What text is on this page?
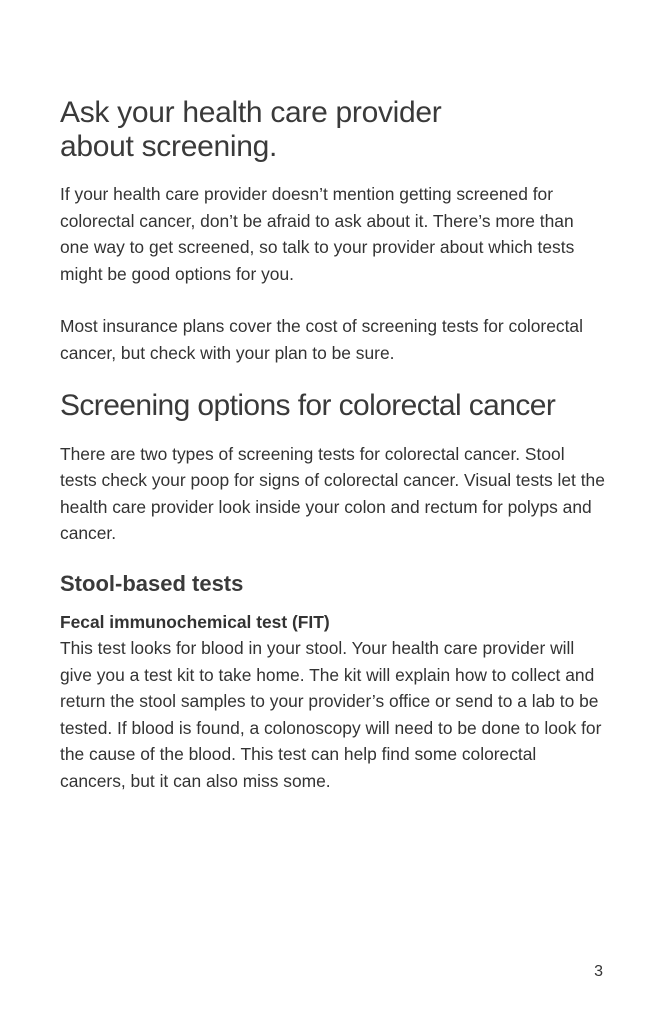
Ask your health care provider about screening.

If your health care provider doesn’t mention getting screened for colorectal cancer, don’t be afraid to ask about it. There’s more than one way to get screened, so talk to your provider about which tests might be good options for you.

Most insurance plans cover the cost of screening tests for colorectal cancer, but check with your plan to be sure.

Screening options for colorectal cancer

There are two types of screening tests for colorectal cancer. Stool tests check your poop for signs of colorectal cancer. Visual tests let the health care provider look inside your colon and rectum for polyps and cancer.

Stool-based tests
Fecal immunochemical test (FIT)

This test looks for blood in your stool. Your health care provider will give you a test kit to take home. The kit will explain how to collect and return the stool samples to your provider’s office or send to a lab to be tested. If blood is found, a colonoscopy will need to be done to look for the cause of the blood. This test can help find some colorectal cancers, but it can also miss some.

3
